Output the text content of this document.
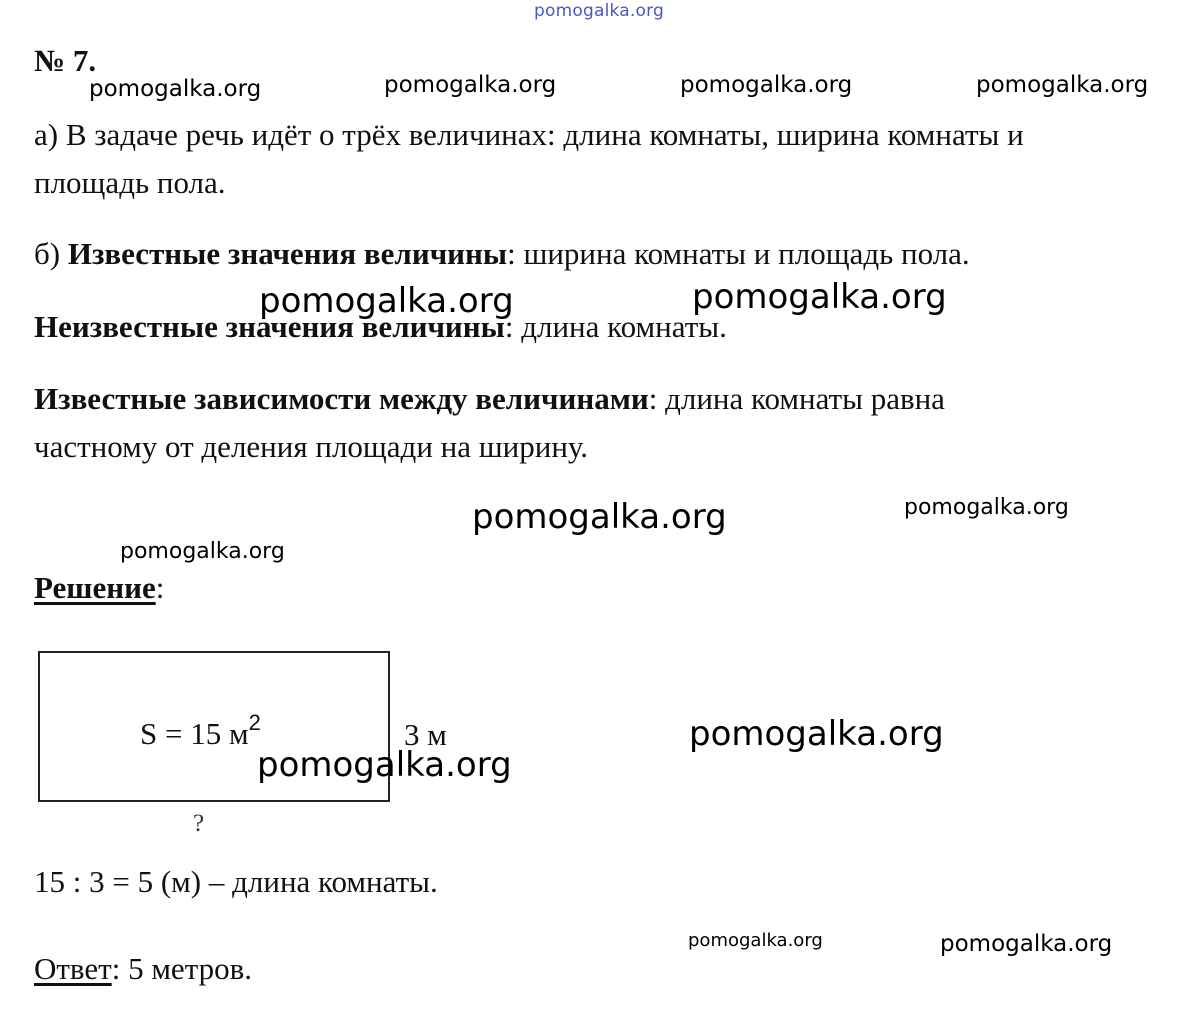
pomogalka.org
№ 7.
а) В задаче речь идёт о трёх величинах: длина комнаты, ширина комнаты и
площадь пола.
б) Известные значения величины: ширина комнаты и площадь пола.
Неизвестные значения величины: длина комнаты.
Известные зависимости между величинами: длина комнаты равна
частному от деления площади на ширину.
Решение:
S = 15 $м^2$	3 м
?
15 : 3 = 5 (м) – длина комнаты.
Ответ: 5 метров.
pomogalka.org	pomogalka.org	pomogalka.org	pomogalka.org
pomogalka.org	pomogalka.org
pomogalka.org	pomogalka.org
pomogalka.org
pomogalka.org
pomogalka.org
pomogalka.org	pomogalka.org
